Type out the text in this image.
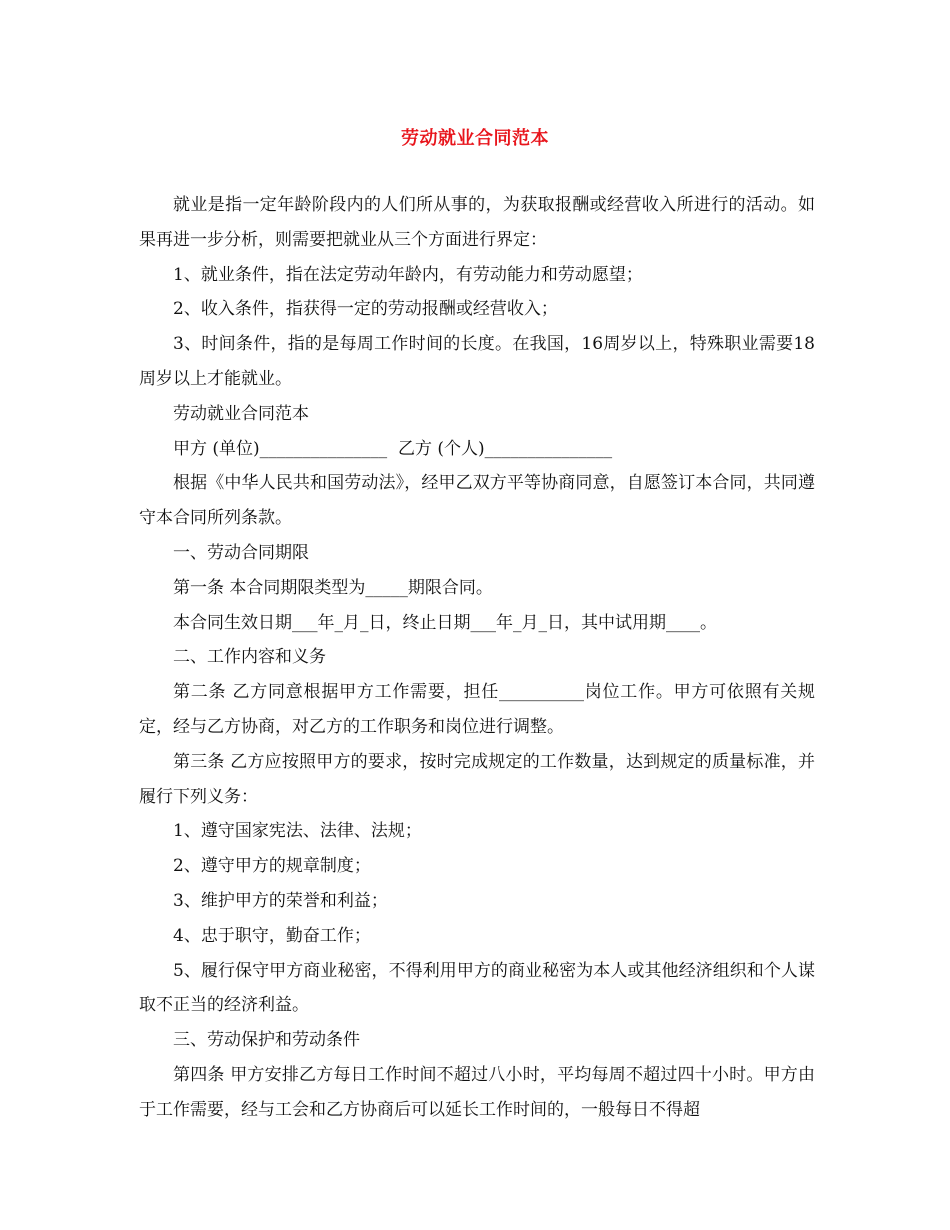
劳动就业合同范本

就业是指一定年龄阶段内的人们所从事的，为获取报酬或经营收入所进行的活动。如果再进一步分析，则需要把就业从三个方面进行界定：

1、就业条件，指在法定劳动年龄内，有劳动能力和劳动愿望；

2、收入条件，指获得一定的劳动报酬或经营收入；

3、时间条件，指的是每周工作时间的长度。在我国，16周岁以上，特殊职业需要18周岁以上才能就业。

劳动就业合同范本

甲方 (单位)_______________  乙方 (个人)_______________

根据《中华人民共和国劳动法》，经甲乙双方平等协商同意，自愿签订本合同，共同遵守本合同所列条款。

一、劳动合同期限

第一条 本合同期限类型为_____期限合同。

本合同生效日期___年_月_日，终止日期___年_月_日，其中试用期____。

二、工作内容和义务

第二条 乙方同意根据甲方工作需要，担任__________岗位工作。甲方可依照有关规定，经与乙方协商，对乙方的工作职务和岗位进行调整。

第三条 乙方应按照甲方的要求，按时完成规定的工作数量，达到规定的质量标准，并履行下列义务：

1、遵守国家宪法、法律、法规；

2、遵守甲方的规章制度；

3、维护甲方的荣誉和利益；

4、忠于职守，勤奋工作；

5、履行保守甲方商业秘密，不得利用甲方的商业秘密为本人或其他经济组织和个人谋取不正当的经济利益。

三、劳动保护和劳动条件

第四条 甲方安排乙方每日工作时间不超过八小时，平均每周不超过四十小时。甲方由于工作需要，经与工会和乙方协商后可以延长工作时间的，一般每日不得超
